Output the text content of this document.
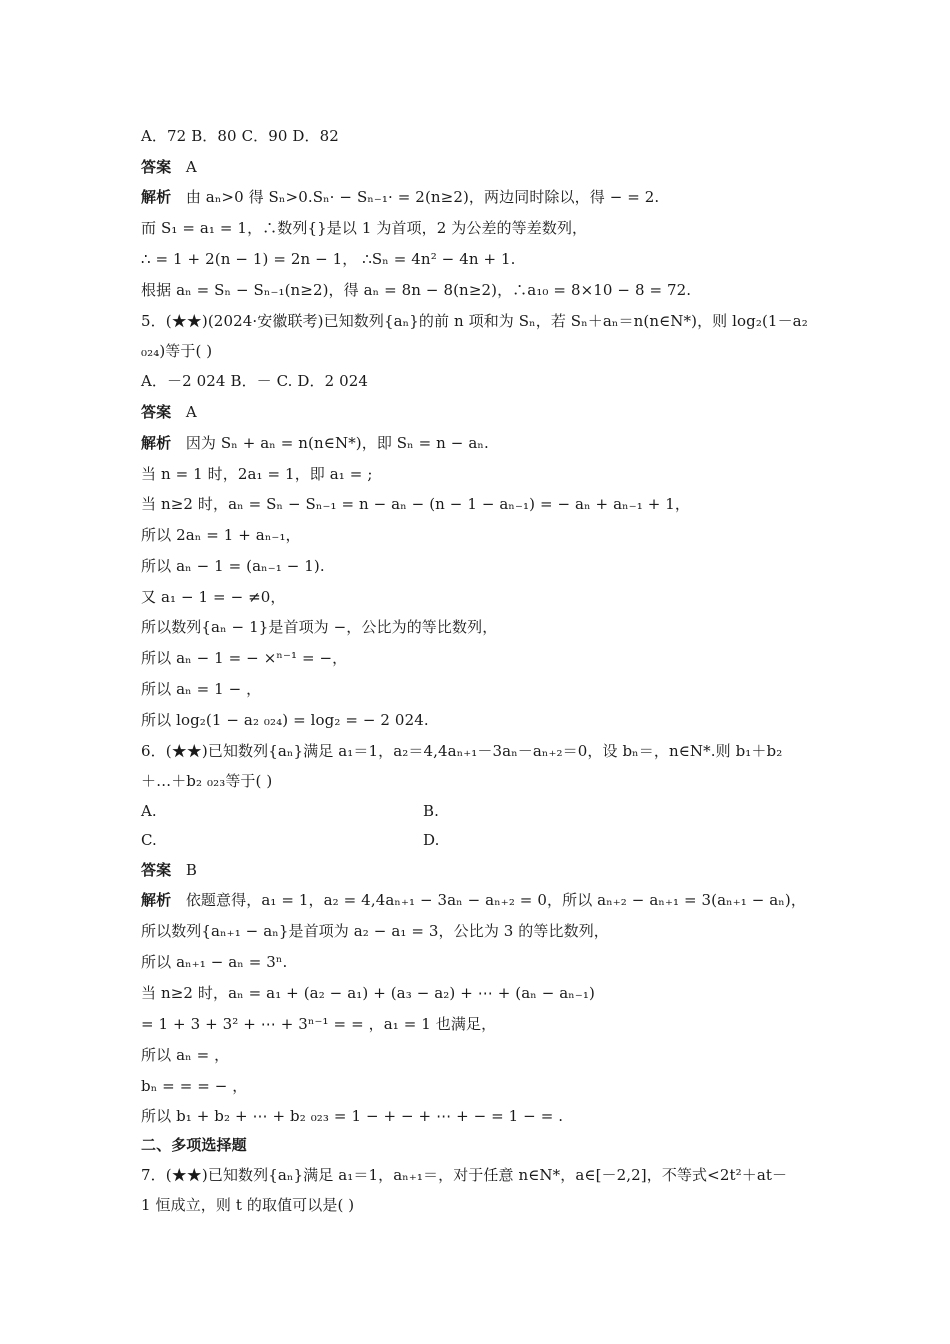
A．72 B．80 C．90 D．82
答案 A
解析 由 aₙ>0 得 Sₙ>0.Sₙ· − Sₙ₋₁· = 2(n≥2)，两边同时除以，得 − = 2.
而 S₁ = a₁ = 1，∴数列{}是以 1 为首项，2 为公差的等差数列，
∴ = 1 + 2(n − 1) = 2n − 1， ∴Sₙ = 4n² − 4n + 1.
根据 aₙ = Sₙ − Sₙ₋₁(n≥2)，得 aₙ = 8n − 8(n≥2)，∴a₁₀ = 8×10 − 8 = 72.
5．(★★)(2024·安徽联考)已知数列{aₙ}的前 n 项和为 Sₙ，若 Sₙ＋aₙ＝n(n∈N*)，则 log₂(1－a₂
₀₂₄)等于( )
A．－2 024 B．－ C. D．2 024
答案 A
解析 因为 Sₙ + aₙ = n(n∈N*)，即 Sₙ = n − aₙ.
当 n = 1 时，2a₁ = 1，即 a₁ = ;
当 n≥2 时，aₙ = Sₙ − Sₙ₋₁ = n − aₙ − (n − 1 − aₙ₋₁) = − aₙ + aₙ₋₁ + 1，
所以 2aₙ = 1 + aₙ₋₁，
所以 aₙ − 1 = (aₙ₋₁ − 1).
又 a₁ − 1 = − ≠0，
所以数列{aₙ − 1}是首项为 −，公比为的等比数列，
所以 aₙ − 1 = − ×ⁿ⁻¹ = −，
所以 aₙ = 1 − ，
所以 log₂(1 − a₂ ₀₂₄) = log₂ = − 2 024.
6．(★★)已知数列{aₙ}满足 a₁＝1，a₂＝4,4aₙ₊₁－3aₙ－aₙ₊₂＝0，设 bₙ＝，n∈N*.则 b₁＋b₂
＋…＋b₂ ₀₂₃等于( )
A.	B.
C.	D.
答案 B
解析 依题意得，a₁ = 1，a₂ = 4,4aₙ₊₁ − 3aₙ − aₙ₊₂ = 0，所以 aₙ₊₂ − aₙ₊₁ = 3(aₙ₊₁ − aₙ)，
所以数列{aₙ₊₁ − aₙ}是首项为 a₂ − a₁ = 3，公比为 3 的等比数列，
所以 aₙ₊₁ − aₙ = 3ⁿ.
当 n≥2 时，aₙ = a₁ + (a₂ − a₁) + (a₃ − a₂) + ⋯ + (aₙ − aₙ₋₁)
= 1 + 3 + 3² + ⋯ + 3ⁿ⁻¹ = = ，a₁ = 1 也满足，
所以 aₙ = ，
bₙ = = = − ，
所以 b₁ + b₂ + ⋯ + b₂ ₀₂₃ = 1 − + − + ⋯ + − = 1 − = .
二、多项选择题
7．(★★)已知数列{aₙ}满足 a₁＝1，aₙ₊₁＝，对于任意 n∈N*，a∈[－2,2]，不等式<2t²＋at－
1 恒成立，则 t 的取值可以是( )
